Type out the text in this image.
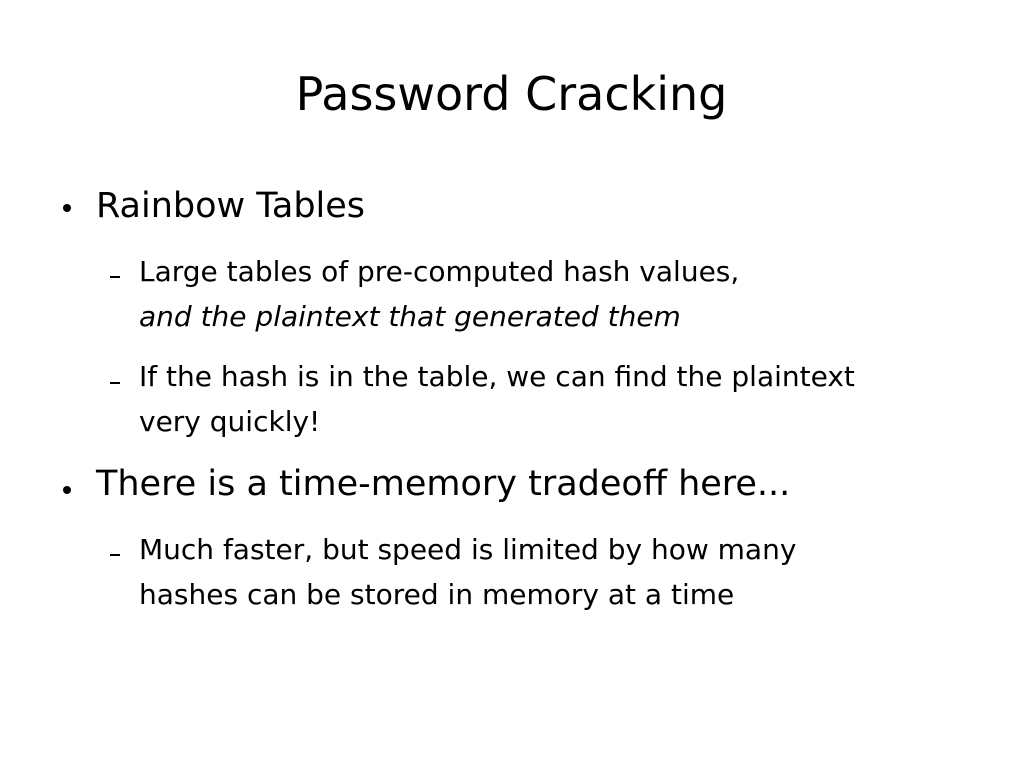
Password Cracking
Rainbow Tables
Large tables of pre-computed hash values,
and the plaintext that generated them
If the hash is in the table, we can find the plaintext
very quickly!
There is a time-memory tradeoff here...
Much faster, but speed is limited by how many
hashes can be stored in memory at a time
